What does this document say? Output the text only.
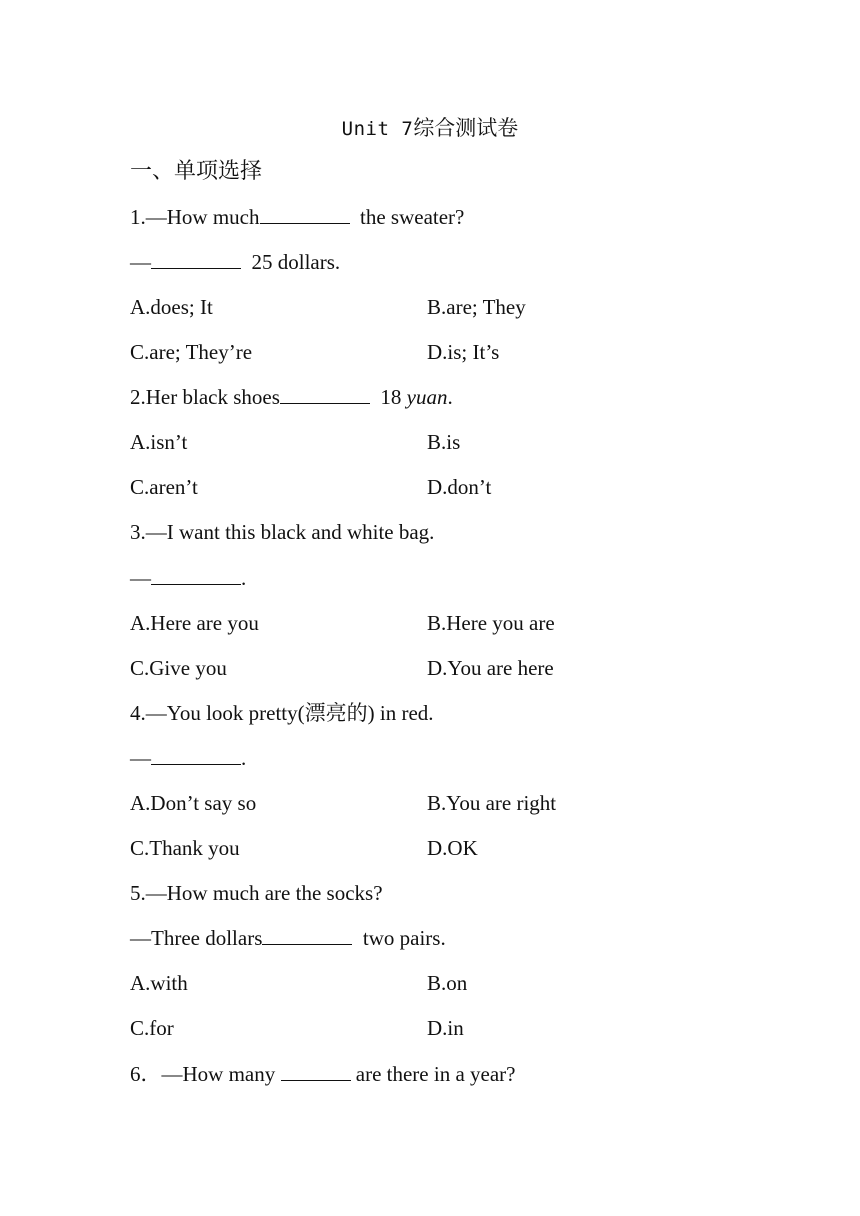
Unit 7综合测试卷
一、单项选择
1.—How much	the sweater?
—	25 dollars.
A.does; It	B.are; They
C.are; They’re	D.is; It’s
2.Her black shoes	18 yuan.
A.isn’t	B.is
C.aren’t	D.don’t
3.—I want this black and white bag.
—	.
A.Here are you	B.Here you are
C.Give you	D.You are here
4.—You look pretty(漂亮的) in red.
—	.
A.Don’t say so	B.You are right
C.Thank you	D.OK
5.—How much are the socks?
—Three dollars	two pairs.
A.with	B.on
C.for	D.in
6．—How many	are there in a year?
